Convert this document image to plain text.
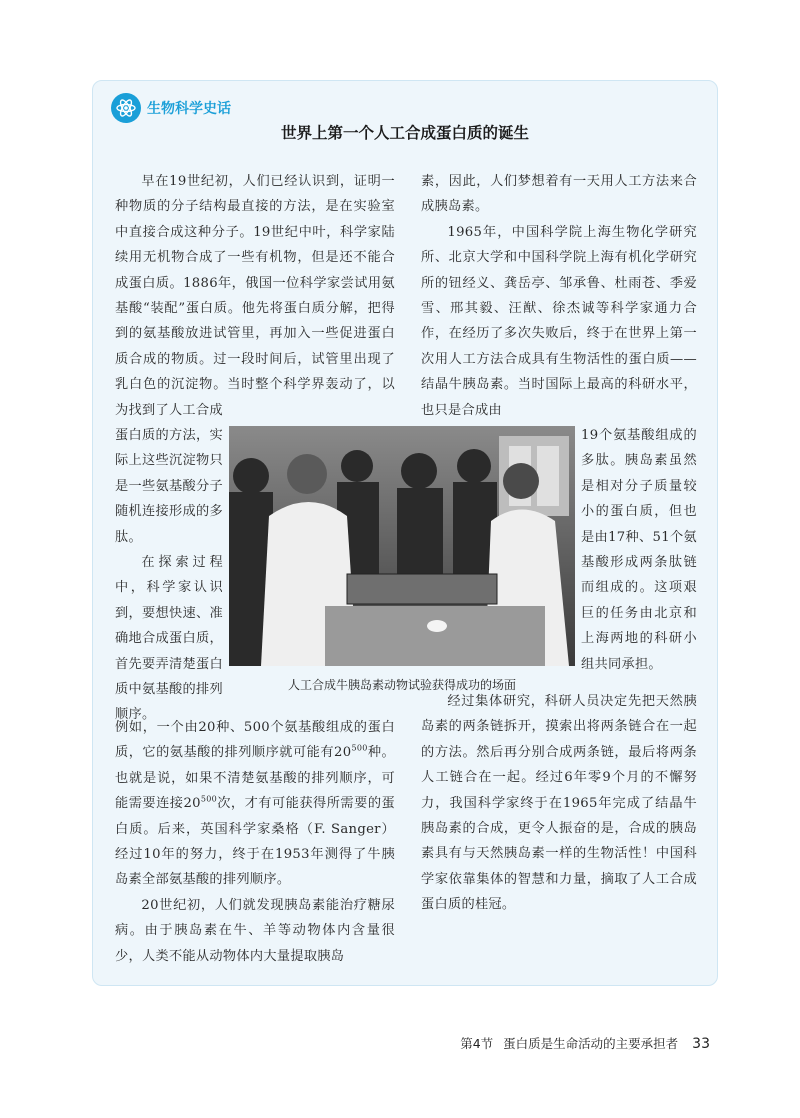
生物科学史话
世界上第一个人工合成蛋白质的诞生

早在19世纪初，人们已经认识到，证明一种物质的分子结构最直接的方法，是在实验室中直接合成这种分子。19世纪中叶，科学家陆续用无机物合成了一些有机物，但是还不能合成蛋白质。1886年，俄国一位科学家尝试用氨基酸“装配”蛋白质。他先将蛋白质分解，把得到的氨基酸放进试管里，再加入一些促进蛋白质合成的物质。过一段时间后，试管里出现了乳白色的沉淀物。当时整个科学界轰动了，以为找到了人工合成

蛋白质的方法，实际上这些沉淀物只是一些氨基酸分子随机连接形成的多肽。

在探索过程中，科学家认识到，要想快速、准确地合成蛋白质，首先要弄清楚蛋白质中氨基酸的排列顺序。

人工合成牛胰岛素动物试验获得成功的场面

19个氨基酸组成的多肽。胰岛素虽然是相对分子质量较小的蛋白质，但也是由17种、51个氨基酸形成两条肽链而组成的。这项艰巨的任务由北京和上海两地的科研小组共同承担。

例如，一个由20种、500个氨基酸组成的蛋白质，它的氨基酸的排列顺序就可能有$20^{500}$种。也就是说，如果不清楚氨基酸的排列顺序，可能需要连接$20^{500}$次，才有可能获得所需要的蛋白质。后来，英国科学家桑格（F. Sanger）经过10年的努力，终于在1953年测得了牛胰岛素全部氨基酸的排列顺序。

20世纪初，人们就发现胰岛素能治疗糖尿病。由于胰岛素在牛、羊等动物体内含量很少，人类不能从动物体内大量提取胰岛

素，因此，人们梦想着有一天用人工方法来合成胰岛素。

1965年，中国科学院上海生物化学研究所、北京大学和中国科学院上海有机化学研究所的钮经义、龚岳亭、邹承鲁、杜雨苍、季爱雪、邢其毅、汪猷、徐杰诚等科学家通力合作，在经历了多次失败后，终于在世界上第一次用人工方法合成具有生物活性的蛋白质——结晶牛胰岛素。当时国际上最高的科研水平，也只是合成由

经过集体研究，科研人员决定先把天然胰岛素的两条链拆开，摸索出将两条链合在一起的方法。然后再分别合成两条链，最后将两条人工链合在一起。经过6年零9个月的不懈努力，我国科学家终于在1965年完成了结晶牛胰岛素的合成，更令人振奋的是，合成的胰岛素具有与天然胰岛素一样的生物活性！中国科学家依靠集体的智慧和力量，摘取了人工合成蛋白质的桂冠。

第4节 蛋白质是生命活动的主要承担者 33
